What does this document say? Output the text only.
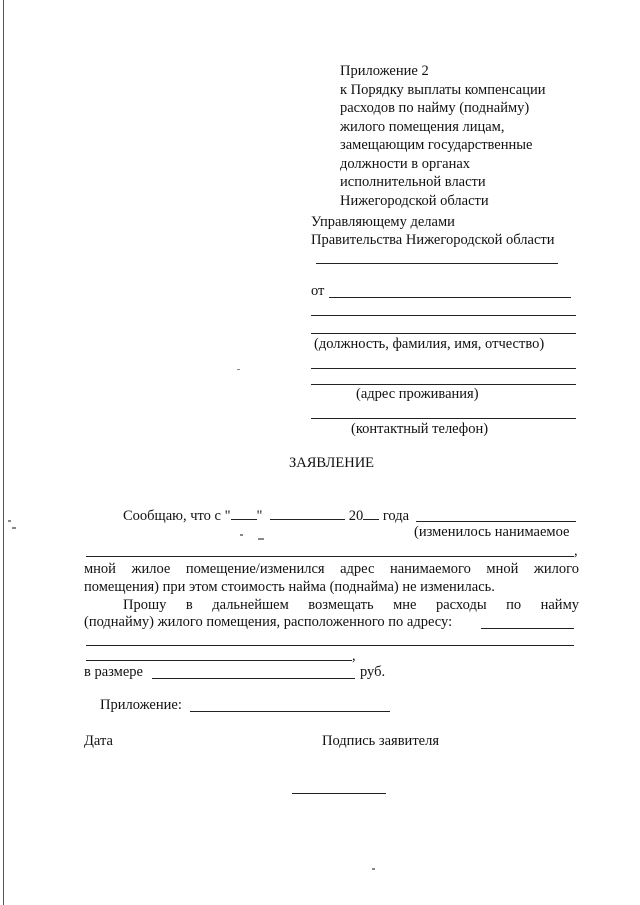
Приложение 2
к Порядку выплаты компенсации
расходов по найму (поднайму)
жилого помещения лицам,
замещающим государственные
должности в органах
исполнительной власти
Нижегородской области
Управляющему делами
Правительства Нижегородской области
от
(должность, фамилия, имя, отчество)
(адрес проживания)
(контактный телефон)
ЗАЯВЛЕНИЕ
Сообщаю, что с " "	20 года
(изменилось нанимаемое
,
мной жилое помещение/изменился адрес нанимаемого мной жилого
помещения) при этом стоимость найма (поднайма) не изменилась.
Прошу в дальнейшем возмещать мне расходы по найму
(поднайму) жилого помещения, расположенного по адресу:
,
в размере	руб.
Приложение:
Дата	Подпись заявителя
